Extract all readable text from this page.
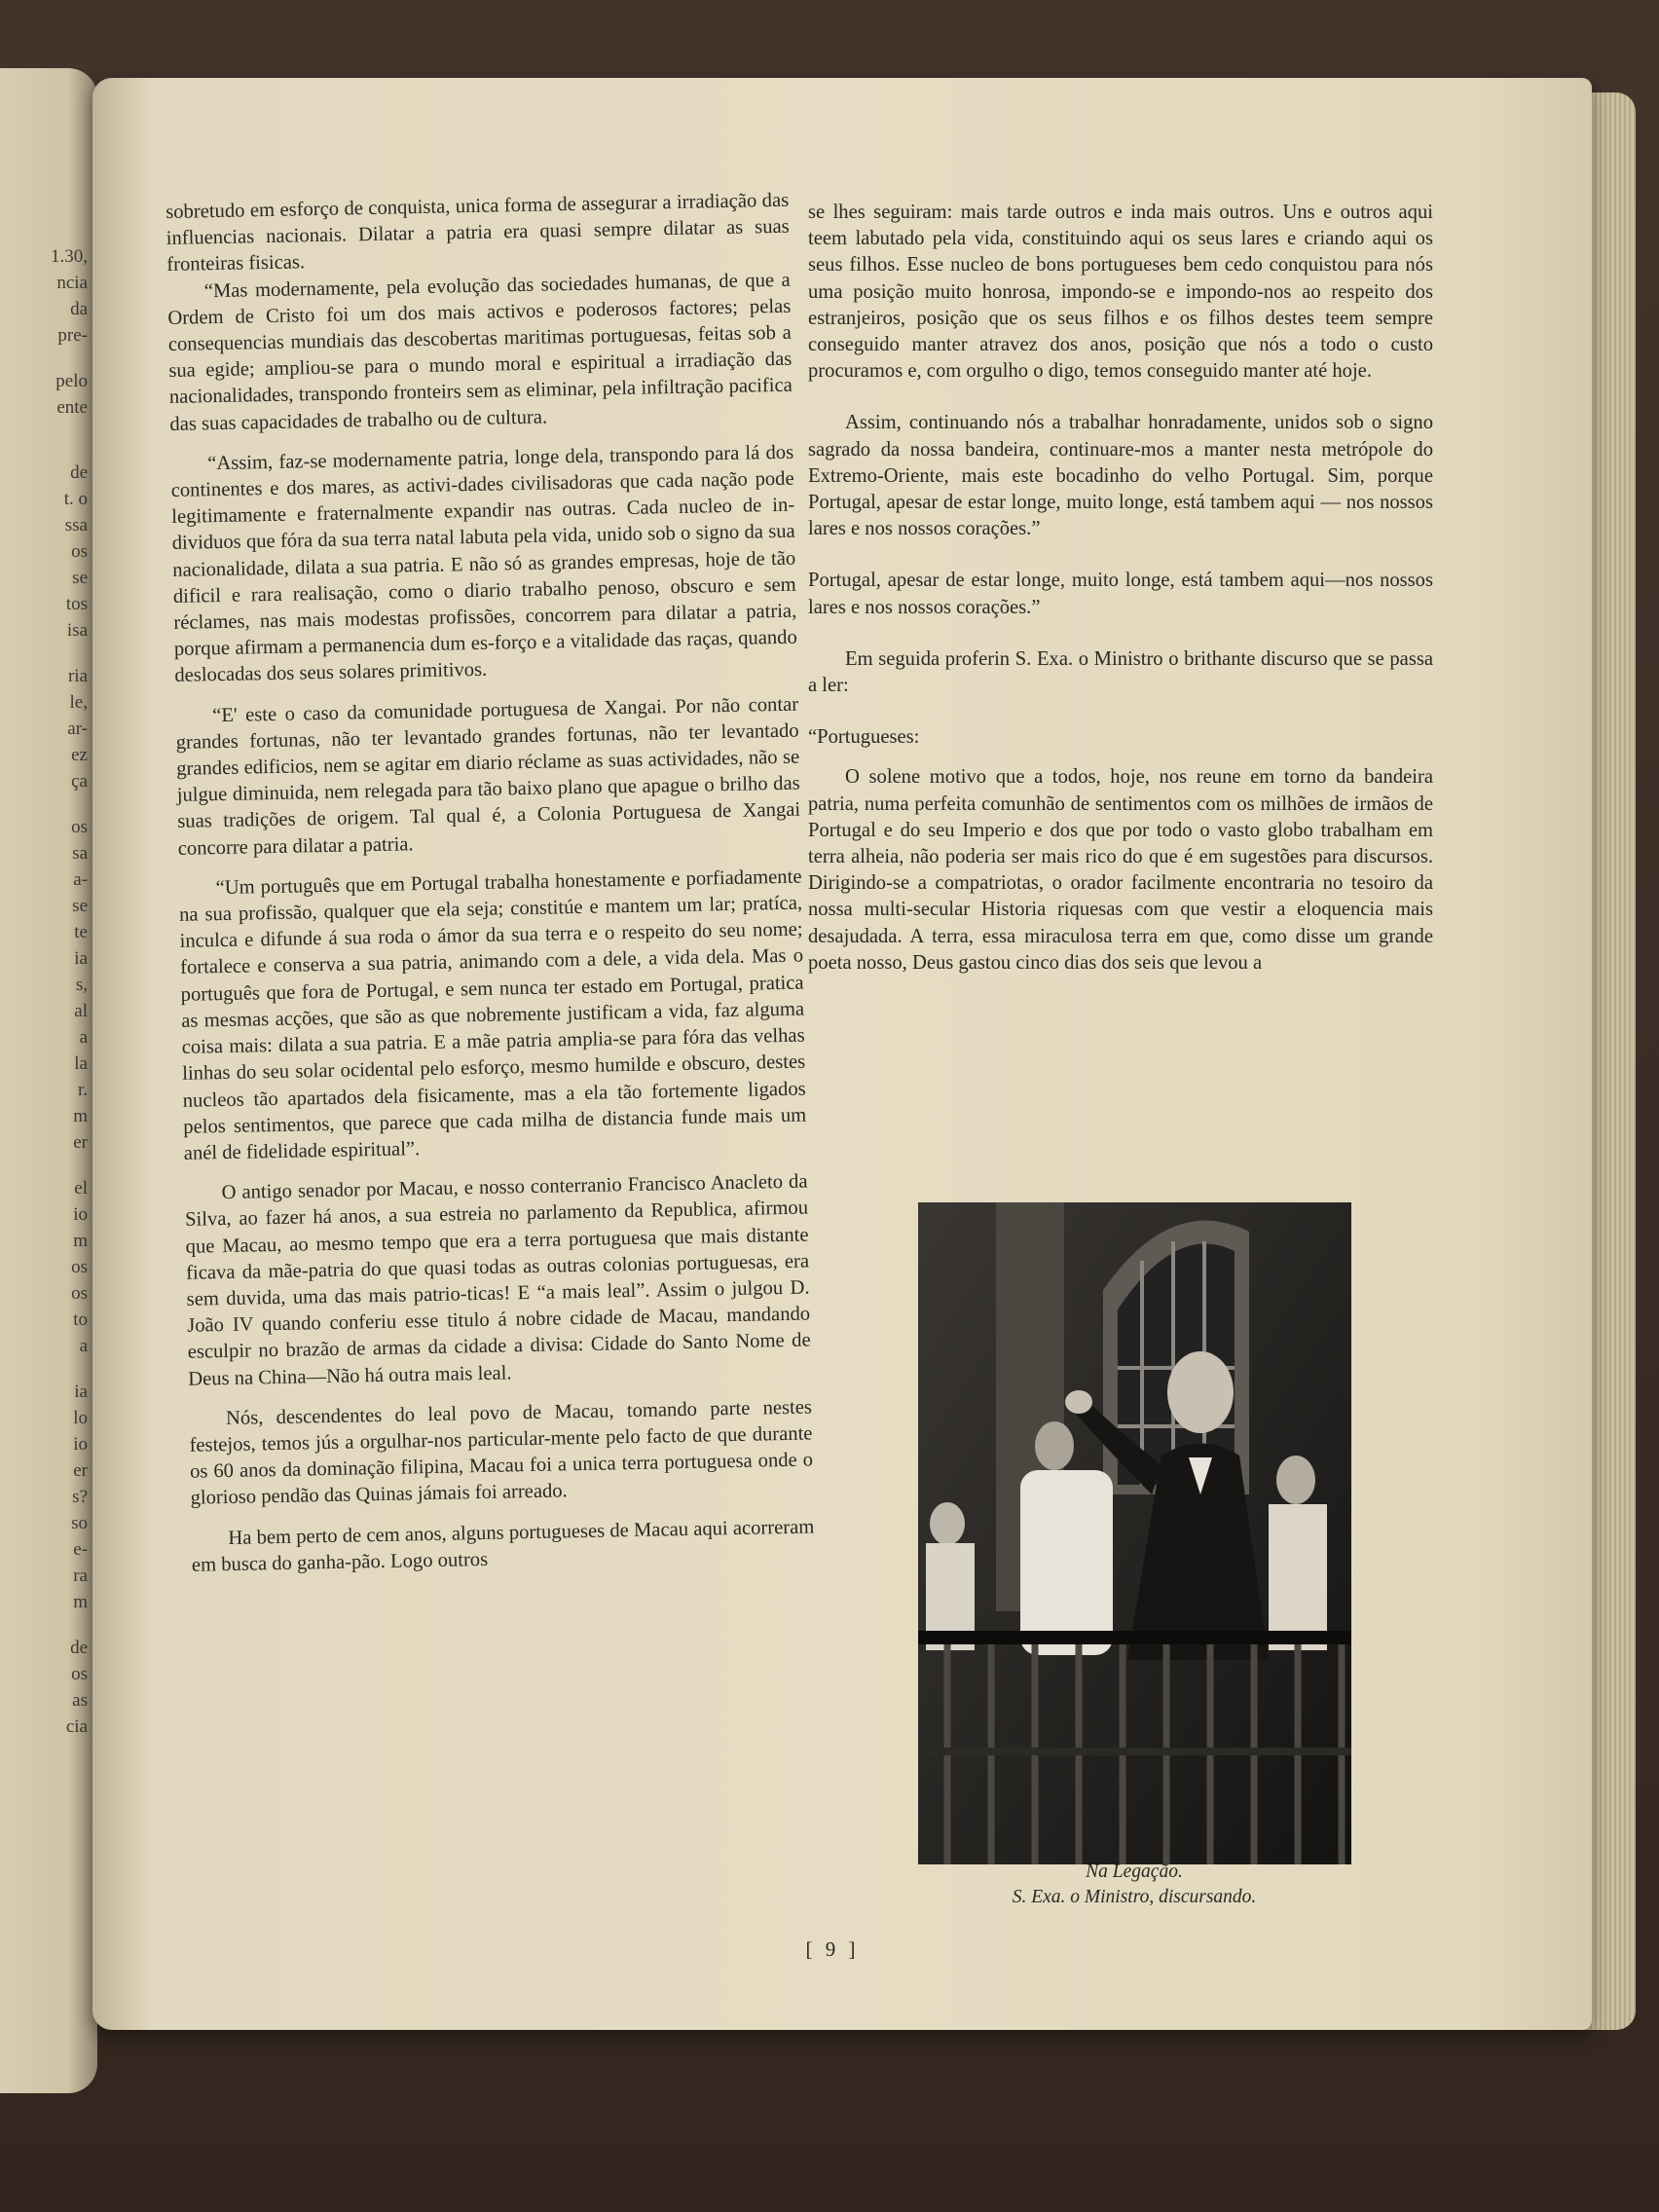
1.30,
ncia
da
pre-
pelo
ente
de
t. o
ssa
os
se
tos
isa
ria
le,
ar-
ez
ça
os
sa
a-
se
te
ia
s,
al
a
la
r.
m
er
el
io
m
os
os
to
a
ia
lo
io
er
s?
so
e-
ra
m
de
os
as
cia

sobretudo em esforço de conquista, unica forma de assegurar a irradiação das influencias nacionais. Dilatar a patria era quasi sempre dilatar as suas fronteiras fisicas.

“Mas modernamente, pela evolução das sociedades humanas, de que a Ordem de Cristo foi um dos mais activos e poderosos factores; pelas consequencias mundiais das descobertas maritimas portuguesas, feitas sob a sua egide; ampliou-se para o mundo moral e espiritual a irradiação das nacionalidades, transpondo fronteirs sem as eliminar, pela infiltração pacifica das suas capacidades de trabalho ou de cultura.

“Assim, faz-se modernamente patria, longe dela, transpondo para lá dos continentes e dos mares, as activi-dades civilisadoras que cada nação pode legitimamente e fraternalmente expandir nas outras. Cada nucleo de in-dividuos que fóra da sua terra natal labuta pela vida, unido sob o signo da sua nacionalidade, dilata a sua patria. E não só as grandes empresas, hoje de tão dificil e rara realisação, como o diario trabalho penoso, obscuro e sem réclames, nas mais modestas profissões, concorrem para dilatar a patria, porque afirmam a permanencia dum es-forço e a vitalidade das raças, quando deslocadas dos seus solares primitivos.

“E' este o caso da comunidade portuguesa de Xangai. Por não contar grandes fortunas, não ter levantado grandes fortunas, não ter levantado grandes edificios, nem se agitar em diario réclame as suas actividades, não se julgue diminuida, nem relegada para tão baixo plano que apague o brilho das suas tradições de origem. Tal qual é, a Colonia Portuguesa de Xangai concorre para dilatar a patria.

“Um português que em Portugal trabalha honestamente e porfiadamente na sua profissão, qualquer que ela seja; constitúe e mantem um lar; pratíca, inculca e difunde á sua roda o ámor da sua terra e o respeito do seu nome; fortalece e conserva a sua patria, animando com a dele, a vida dela. Mas o português que fora de Portugal, e sem nunca ter estado em Portugal, pratica as mesmas acções, que são as que nobremente justificam a vida, faz alguma coisa mais: dilata a sua patria. E a mãe patria amplia-se para fóra das velhas linhas do seu solar ocidental pelo esforço, mesmo humilde e obscuro, destes nucleos tão apartados dela fisicamente, mas a ela tão fortemente ligados pelos sentimentos, que parece que cada milha de distancia funde mais um anél de fidelidade espiritual”.

O antigo senador por Macau, e nosso conterranio Francisco Anacleto da Silva, ao fazer há anos, a sua estreia no parlamento da Republica, afirmou que Macau, ao mesmo tempo que era a terra portuguesa que mais distante ficava da mãe-patria do que quasi todas as outras colonias portuguesas, era sem duvida, uma das mais patrio-ticas! E “a mais leal”. Assim o julgou D. João IV quando conferiu esse titulo á nobre cidade de Macau, mandando esculpir no brazão de armas da cidade a divisa: Cidade do Santo Nome de Deus na China—Não há outra mais leal.

Nós, descendentes do leal povo de Macau, tomando parte nestes festejos, temos jús a orgulhar-nos particular-mente pelo facto de que durante os 60 anos da dominação filipina, Macau foi a unica terra portuguesa onde o glorioso pendão das Quinas jámais foi arreado.

Ha bem perto de cem anos, alguns portugueses de Macau aqui acorreram em busca do ganha-pão. Logo outros

se lhes seguiram: mais tarde outros e inda mais outros. Uns e outros aqui teem labutado pela vida, constituindo aqui os seus lares e criando aqui os seus filhos. Esse nucleo de bons portugueses bem cedo conquistou para nós uma posição muito honrosa, impondo-se e impondo-nos ao respeito dos estranjeiros, posição que os seus filhos e os filhos destes teem sempre conseguido manter atravez dos anos, posição que nós a todo o custo procuramos e, com orgulho o digo, temos conseguido manter até hoje.

Assim, continuando nós a trabalhar honradamente, unidos sob o signo sagrado da nossa bandeira, continuare-mos a manter nesta metrópole do Extremo-Oriente, mais este bocadinho do velho Portugal. Sim, porque Portugal, apesar de estar longe, muito longe, está tambem aqui — nos nossos lares e nos nossos corações.”

Portugal, apesar de estar longe, muito longe, está tambem aqui—nos nossos lares e nos nossos corações.”

Em seguida proferin S. Exa. o Ministro o brithante discurso que se passa a ler:

“Portugueses:

O solene motivo que a todos, hoje, nos reune em torno da bandeira patria, numa perfeita comunhão de sentimentos com os milhões de irmãos de Portugal e do seu Imperio e dos que por todo o vasto globo trabalham em terra alheia, não poderia ser mais rico do que é em sugestões para discursos. Dirigindo-se a compatriotas, o orador facilmente encontraria no tesoiro da nossa multi-secular Historia riquesas com que vestir a eloquencia mais desajudada. A terra, essa miraculosa terra em que, como disse um grande poeta nosso, Deus gastou cinco dias dos seis que levou a

Na Legação.
S. Exa. o Ministro, discursando.
[ 9 ]
